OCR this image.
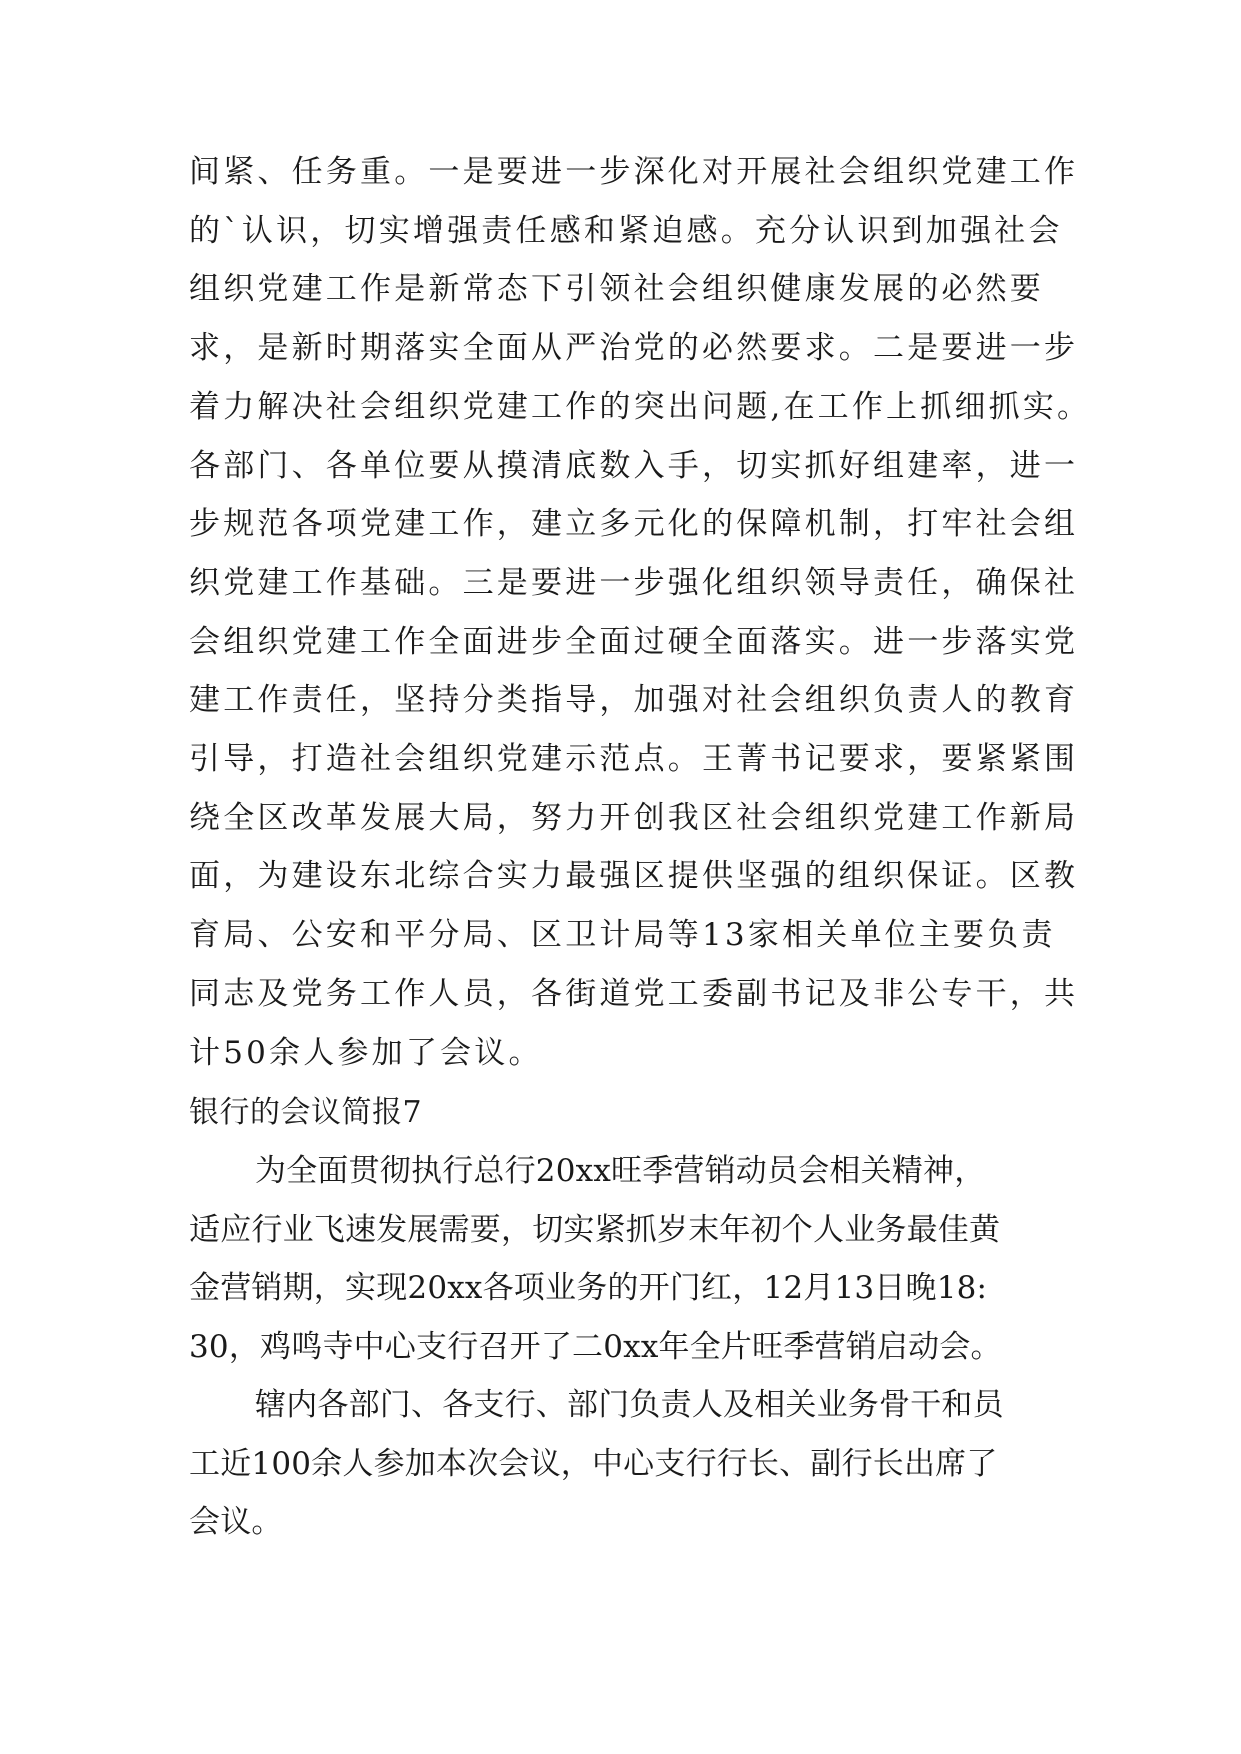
间紧、任务重。一是要进一步深化对开展社会组织党建工作
的`认识，切实增强责任感和紧迫感。充分认识到加强社会
组织党建工作是新常态下引领社会组织健康发展的必然要
求，是新时期落实全面从严治党的必然要求。二是要进一步
着力解决社会组织党建工作的突出问题,在工作上抓细抓实。
各部门、各单位要从摸清底数入手，切实抓好组建率，进一
步规范各项党建工作，建立多元化的保障机制，打牢社会组
织党建工作基础。三是要进一步强化组织领导责任，确保社
会组织党建工作全面进步全面过硬全面落实。进一步落实党
建工作责任，坚持分类指导，加强对社会组织负责人的教育
引导，打造社会组织党建示范点。王菁书记要求，要紧紧围
绕全区改革发展大局，努力开创我区社会组织党建工作新局
面，为建设东北综合实力最强区提供坚强的组织保证。区教
育局、公安和平分局、区卫计局等13家相关单位主要负责
同志及党务工作人员，各街道党工委副书记及非公专干，共
计50余人参加了会议。
银行的会议简报7
为全面贯彻执行总行20xx旺季营销动员会相关精神，
适应行业飞速发展需要，切实紧抓岁末年初个人业务最佳黄
金营销期，实现20xx各项业务的开门红，12月13日晚18:
30，鸡鸣寺中心支行召开了二0xx年全片旺季营销启动会。
辖内各部门、各支行、部门负责人及相关业务骨干和员
工近100余人参加本次会议，中心支行行长、副行长出席了
会议。
